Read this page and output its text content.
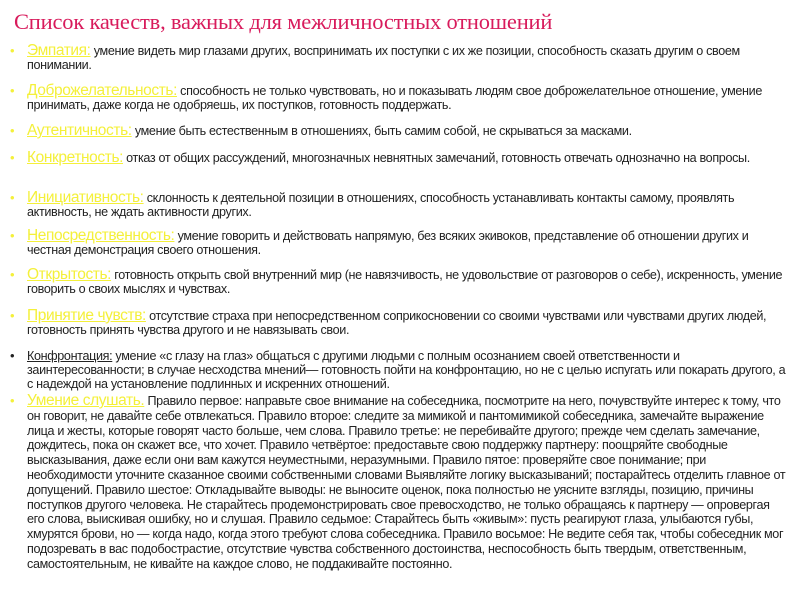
Список качеств, важных для межличностных отношений
• Эмпатия: умение видеть мир глазами других, воспринимать их поступки с их же позиции, способность сказать другим о своем понимании.
• Доброжелательность: способность не только чувствовать, но и показывать людям свое доброжелательное отношение, умение принимать, даже когда не одобряешь, их поступков, готовность поддержать.
• Аутентичность: умение быть естественным в отношениях, быть самим собой, не скрываться за масками.
• Конкретность: отказ от общих рассуждений, многозначных невнятных замечаний, готовность отвечать однозначно на вопросы.
• Инициативность: склонность к деятельной позиции в отношениях, способность устанавливать контакты самому, проявлять активность, не ждать активности других.
• Непосредственность: умение говорить и действовать напрямую, без всяких экивоков, представление об отношении других и честная демонстрация своего отношения.
• Открытость: готовность открыть свой внутренний мир (не навязчивость, не удовольствие от разговоров о себе), искренность, умение говорить о своих мыслях и чувствах.
• Принятие чувств: отсутствие страха при непосредственном соприкосновении со своими чувствами или чувствами других людей, готовность принять чувства другого и не навязывать свои.
• Конфронтация: умение «с глазу на глаз» общаться с другими людьми с полным осознанием своей ответственности и заинтересованности; в случае несходства мнений— готовность пойти на конфронтацию, но не с целью испугать или покарать другого, а с надеждой на установление подлинных и искренних отношений.
• Умение слушать. Правило первое: направьте свое внимание на собеседника, посмотрите на него, почувствуйте интерес к тому, что он говорит, не давайте себе отвлекаться. Правило второе: следите за мимикой и пантомимикой собеседника, замечайте выражение лица и жесты, которые говорят часто больше, чем слова. Правило третье: не перебивайте другого; прежде чем сделать замечание, дождитесь, пока он скажет все, что хочет. Правило четвёртое: предоставьте свою поддержку партнеру: поощряйте свободные высказывания, даже если они вам кажутся неуместными, неразумными. Правило пятое: проверяйте свое понимание; при необходимости уточните сказанное своими собственными словами Выявляйте логику высказываний; постарайтесь отделить главное от допущений. Правило шестое: Откладывайте выводы: не выносите оценок, пока полностью не уясните взгляды, позицию, причины поступков другого человека. Не старайтесь продемонстрировать свое превосходство, не только обращаясь к партнеру — опровергая его слова, выискивая ошибку, но и слушая. Правило седьмое: Старайтесь быть «живым»: пусть реагируют глаза, улыбаются губы, хмурятся брови, но — когда надо, когда этого требуют слова собеседника. Правило восьмое: Не ведите себя так, чтобы собеседник мог подозревать в вас подобострастие, отсутствие чувства собственного достоинства, неспособность быть твердым, ответственным, самостоятельным, не кивайте на каждое слово, не поддакивайте постоянно.
